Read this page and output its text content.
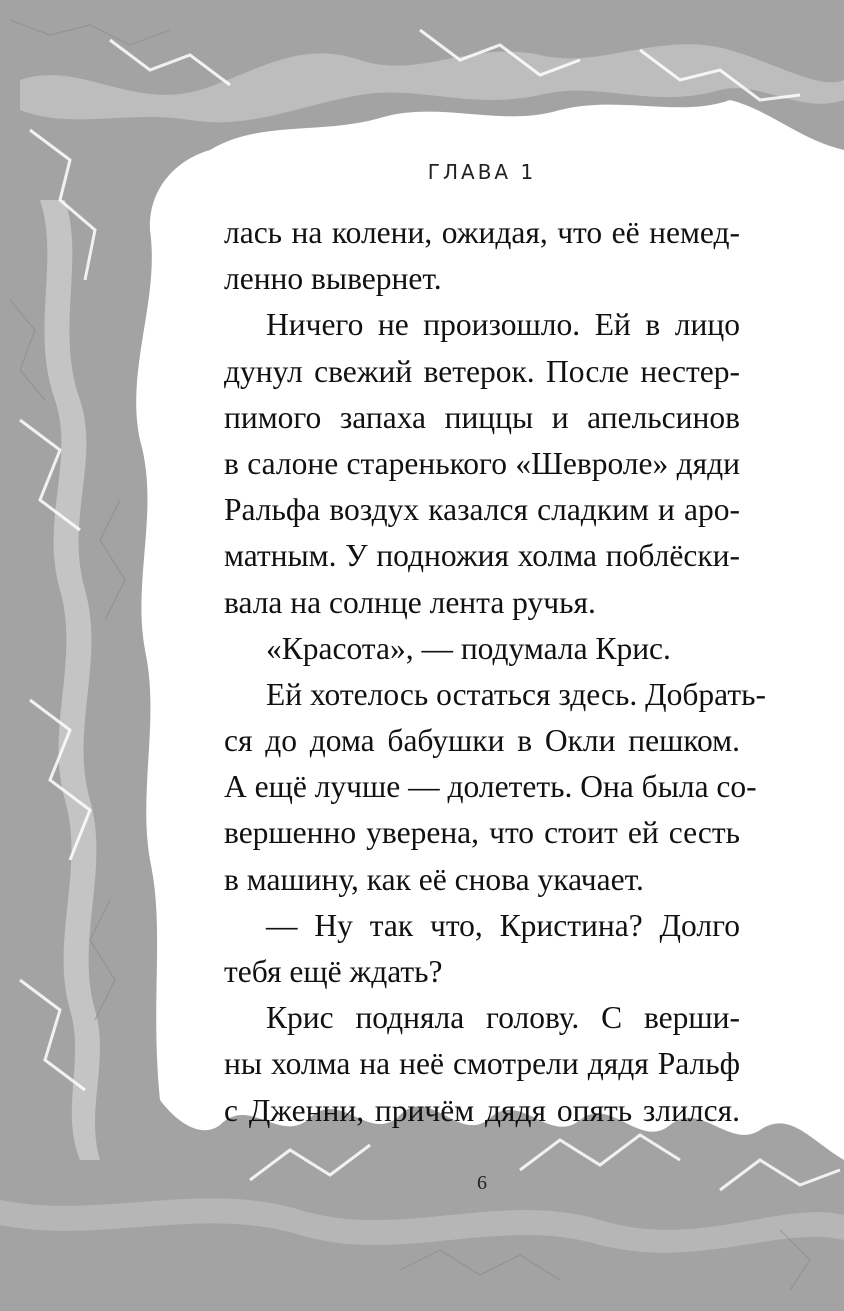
ГЛАВА 1
лась на колени, ожидая, что её немед-
ленно вывернет.
Ничего не произошло. Ей в лицо
дунул свежий ветерок. После нестер-
пимого запаха пиццы и апельсинов
в салоне старенького «Шевроле» дяди
Ральфа воздух казался сладким и аро-
матным. У подножия холма поблёски-
вала на солнце лента ручья.
«Красота», — подумала Крис.
Ей хотелось остаться здесь. Добрать-
ся до дома бабушки в Окли пешком.
А ещё лучше — долететь. Она была со-
вершенно уверена, что стоит ей сесть
в машину, как её снова укачает.
— Ну так что, Кристина? Долго
тебя ещё ждать?
Крис подняла голову. С верши-
ны холма на неё смотрели дядя Ральф
с Дженни, причём дядя опять злился.
6
